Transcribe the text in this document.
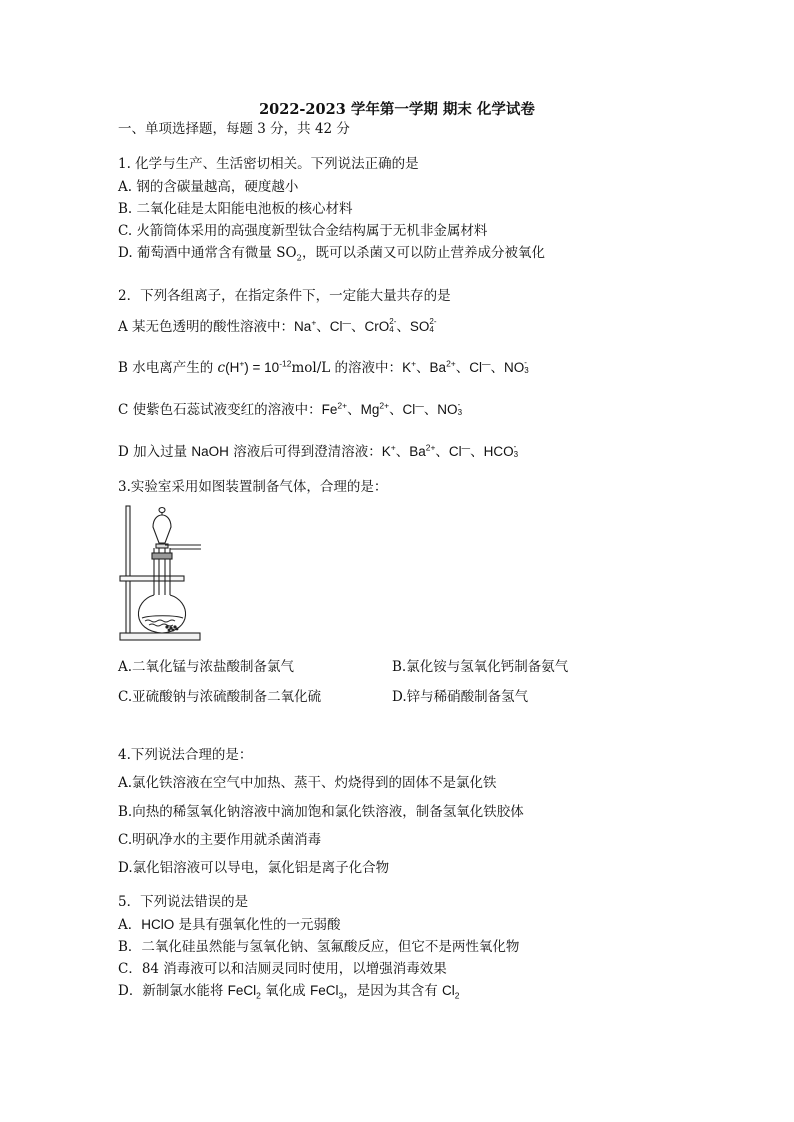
2022-2023 学年第一学期 期末 化学试卷
一、单项选择题，每题 3 分，共 42 分
1. 化学与生产、生活密切相关。下列说法正确的是
A. 钢的含碳量越高，硬度越小
B. 二氧化硅是太阳能电池板的核心材料
C. 火箭筒体采用的高强度新型钛合金结构属于无机非金属材料
D. 葡萄酒中通常含有微量 $SO_2$，既可以杀菌又可以防止营养成分被氧化
2．下列各组离子，在指定条件下，一定能大量共存的是
A 某无色透明的酸性溶液中：Na+、Cl—、CrO 2-
4 、SO 2-
4
B 水电离产生的 $c(H^+) = 10^{-12}mol/L$ 的溶液中：K+、$Ba^{2+}$、Cl—、NO -
3
C 使紫色石蕊试液变红的溶液中：$Fe^{2+}$、$Mg^{2+}$、Cl—、NO -
3
D 加入过量 NaOH 溶液后可得到澄清溶液：K+、$Ba^{2+}$、Cl—、HCO -
3
3.实验室采用如图装置制备气体，合理的是：
A.二氧化锰与浓盐酸制备氯气	B.氯化铵与氢氧化钙制备氨气
C.亚硫酸钠与浓硫酸制备二氧化硫	D.锌与稀硝酸制备氢气
4.下列说法合理的是：
A.氯化铁溶液在空气中加热、蒸干、灼烧得到的固体不是氯化铁
B.向热的稀氢氧化钠溶液中滴加饱和氯化铁溶液，制备氢氧化铁胶体
C.明矾净水的主要作用就杀菌消毒
D.氯化铝溶液可以导电，氯化铝是离子化合物
5．下列说法错误的是
A．HClO 是具有强氧化性的一元弱酸
B．二氧化硅虽然能与氢氧化钠、氢氟酸反应，但它不是两性氧化物
C．84 消毒液可以和洁厕灵同时使用，以增强消毒效果
D．新制氯水能将 FeCl$_2$ 氧化成 FeCl$_3$，是因为其含有 $Cl_2$
